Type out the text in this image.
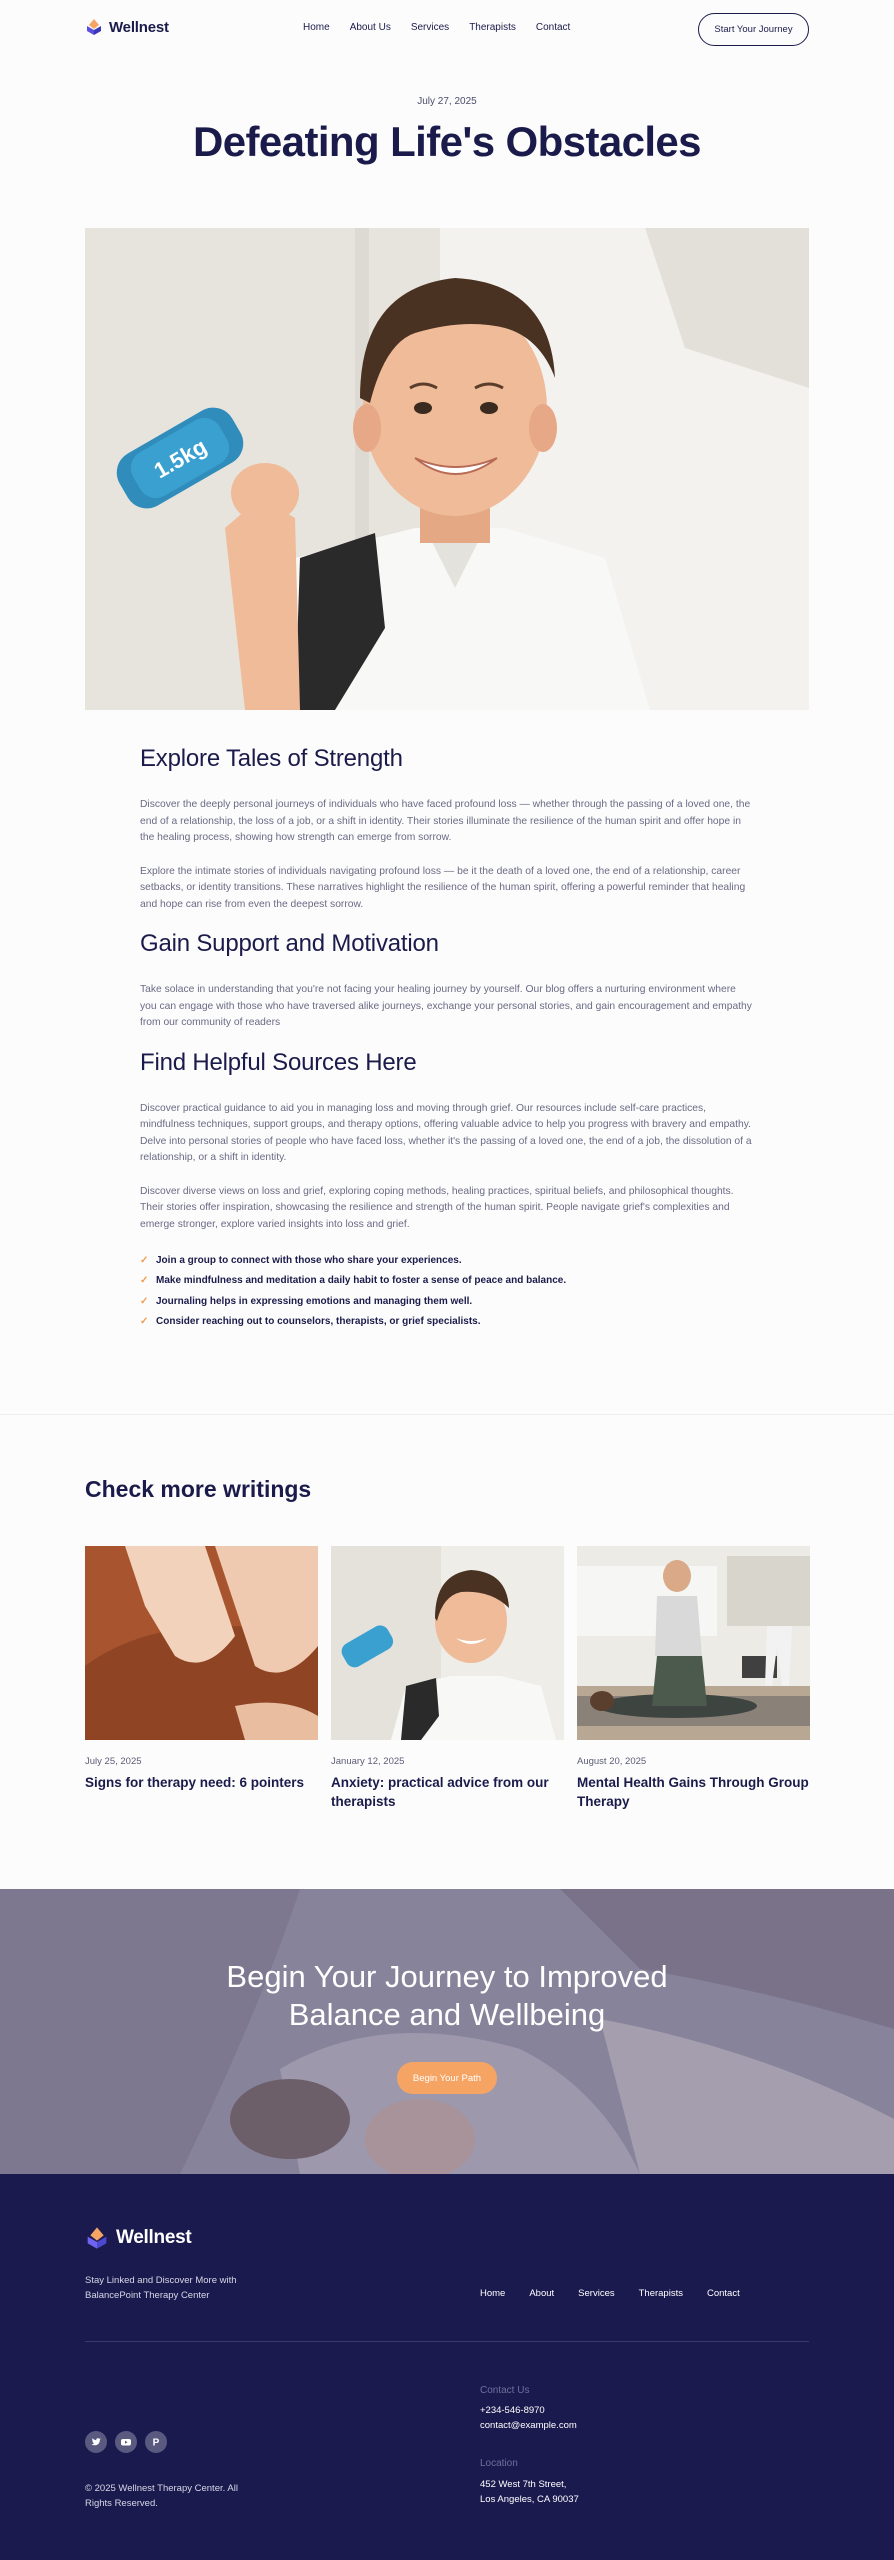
Wellnest	Home About Us Services Therapists Contact	Start Your Journey
July 27, 2025
Defeating Life's Obstacles
1.5kg
Explore Tales of Strength

Discover the deeply personal journeys of individuals who have faced profound loss — whether through the passing of a loved one, the end of a relationship, the loss of a job, or a shift in identity. Their stories illuminate the resilience of the human spirit and offer hope in the healing process, showing how strength can emerge from sorrow.

Explore the intimate stories of individuals navigating profound loss — be it the death of a loved one, the end of a relationship, career setbacks, or identity transitions. These narratives highlight the resilience of the human spirit, offering a powerful reminder that healing and hope can rise from even the deepest sorrow.

Gain Support and Motivation

Take solace in understanding that you're not facing your healing journey by yourself. Our blog offers a nurturing environment where you can engage with those who have traversed alike journeys, exchange your personal stories, and gain encouragement and empathy from our community of readers

Find Helpful Sources Here

Discover practical guidance to aid you in managing loss and moving through grief. Our resources include self-care practices, mindfulness techniques, support groups, and therapy options, offering valuable advice to help you progress with bravery and empathy. Delve into personal stories of people who have faced loss, whether it's the passing of a loved one, the end of a job, the dissolution of a relationship, or a shift in identity.

Discover diverse views on loss and grief, exploring coping methods, healing practices, spiritual beliefs, and philosophical thoughts. Their stories offer inspiration, showcasing the resilience and strength of the human spirit. People navigate grief's complexities and emerge stronger, explore varied insights into loss and grief.

✓ Join a group to connect with those who share your experiences.
✓ Make mindfulness and meditation a daily habit to foster a sense of peace and balance.
✓ Journaling helps in expressing emotions and managing them well.
✓ Consider reaching out to counselors, therapists, or grief specialists.
Check more writings
July 25, 2025
Signs for therapy need: 6 pointers
January 12, 2025
Anxiety: practical advice from our therapists
August 20, 2025
Mental Health Gains Through Group Therapy
Begin Your Journey to Improved
Balance and Wellbeing
Begin Your Path
Wellnest
Stay Linked and Discover More with BalancePoint Therapy Center	Home	About	Services	Therapists	Contact
P
© 2025 Wellnest Therapy Center. All Rights Reserved.
Contact Us
+234-546-8970
contact@example.com
Location
452 West 7th Street,
Los Angeles, CA 90037
